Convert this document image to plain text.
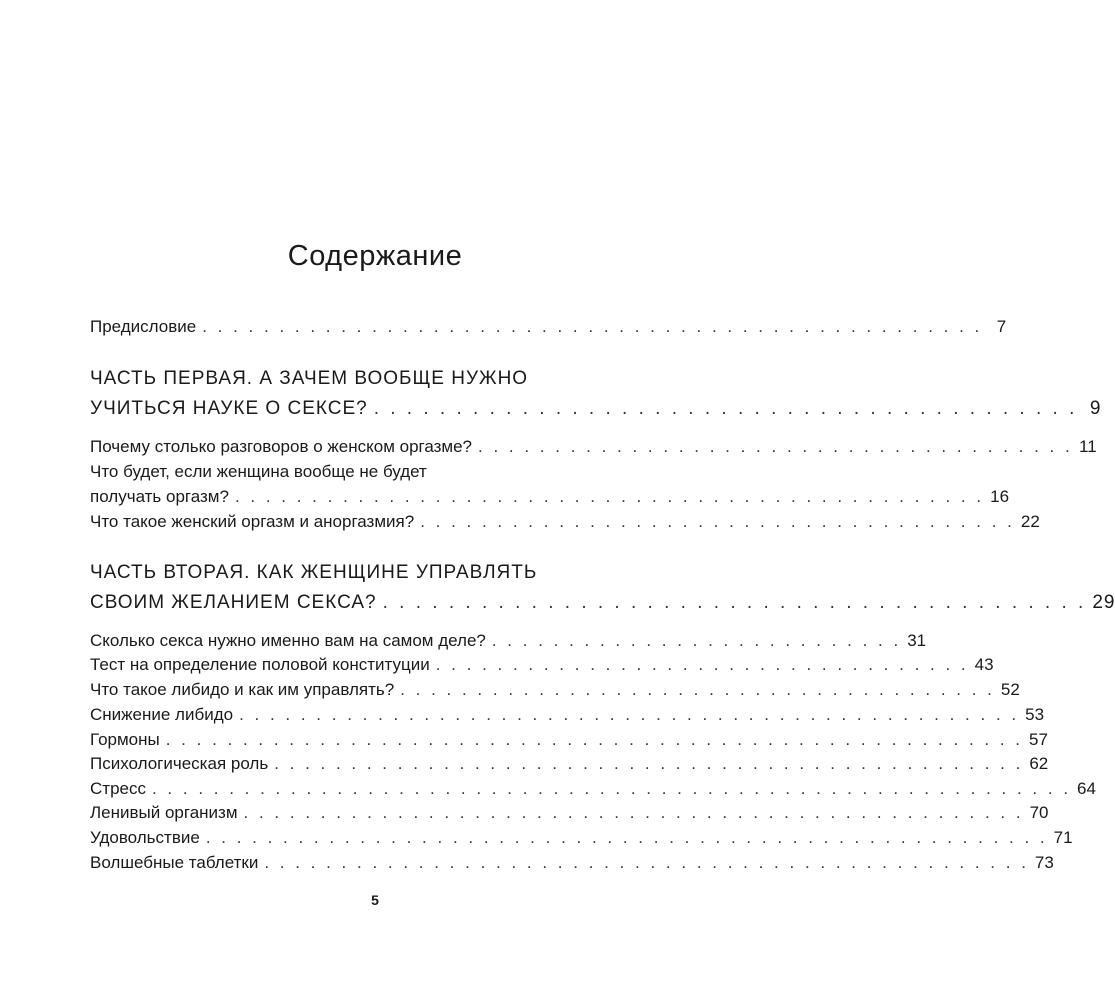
Содержание
Предисловие . . . . . . . . . . . . . . . . . . . . . . . . . . . . . . . . . . . . . . . . . . . . . . . . . . . 7
ЧАСТЬ ПЕРВАЯ. А ЗАЧЕМ ВООБЩЕ НУЖНО
УЧИТЬСЯ НАУКЕ О СЕКСЕ? . . . . . . . . . . . . . . . . . . . . . . . . . . . . . . . . . . . . . . . . . . . 9
Почему столько разговоров о женском оргазме? . . . . . . . . . . . . . . . . . . . . . . . . . . . . . . . . . . . . . . . 11
Что будет, если женщина вообще не будет
получать оргазм? . . . . . . . . . . . . . . . . . . . . . . . . . . . . . . . . . . . . . . . . . . . . . . . . . 16
Что такое женский оргазм и аноргазмия? . . . . . . . . . . . . . . . . . . . . . . . . . . . . . . . . . . . . . . . 22
ЧАСТЬ ВТОРАЯ. КАК ЖЕНЩИНЕ УПРАВЛЯТЬ
СВОИМ ЖЕЛАНИЕМ СЕКСА? . . . . . . . . . . . . . . . . . . . . . . . . . . . . . . . . . . . . . . . . . . . 29
Сколько секса нужно именно вам на самом деле? . . . . . . . . . . . . . . . . . . . . . . . . . . . 31
Тест на определение половой конституции . . . . . . . . . . . . . . . . . . . . . . . . . . . . . . . . . . . 43
Что такое либидо и как им управлять? . . . . . . . . . . . . . . . . . . . . . . . . . . . . . . . . . . . . . . . 52
Снижение либидо . . . . . . . . . . . . . . . . . . . . . . . . . . . . . . . . . . . . . . . . . . . . . . . . . . . 53
Гормоны . . . . . . . . . . . . . . . . . . . . . . . . . . . . . . . . . . . . . . . . . . . . . . . . . . . . . . . . 57
Психологическая роль . . . . . . . . . . . . . . . . . . . . . . . . . . . . . . . . . . . . . . . . . . . . . . . . . 62
Стресс . . . . . . . . . . . . . . . . . . . . . . . . . . . . . . . . . . . . . . . . . . . . . . . . . . . . . . . . . . . . 64
Ленивый организм . . . . . . . . . . . . . . . . . . . . . . . . . . . . . . . . . . . . . . . . . . . . . . . . . . . 70
Удовольствие . . . . . . . . . . . . . . . . . . . . . . . . . . . . . . . . . . . . . . . . . . . . . . . . . . . . . . . 71
Волшебные таблетки . . . . . . . . . . . . . . . . . . . . . . . . . . . . . . . . . . . . . . . . . . . . . . . . . . 73
5
